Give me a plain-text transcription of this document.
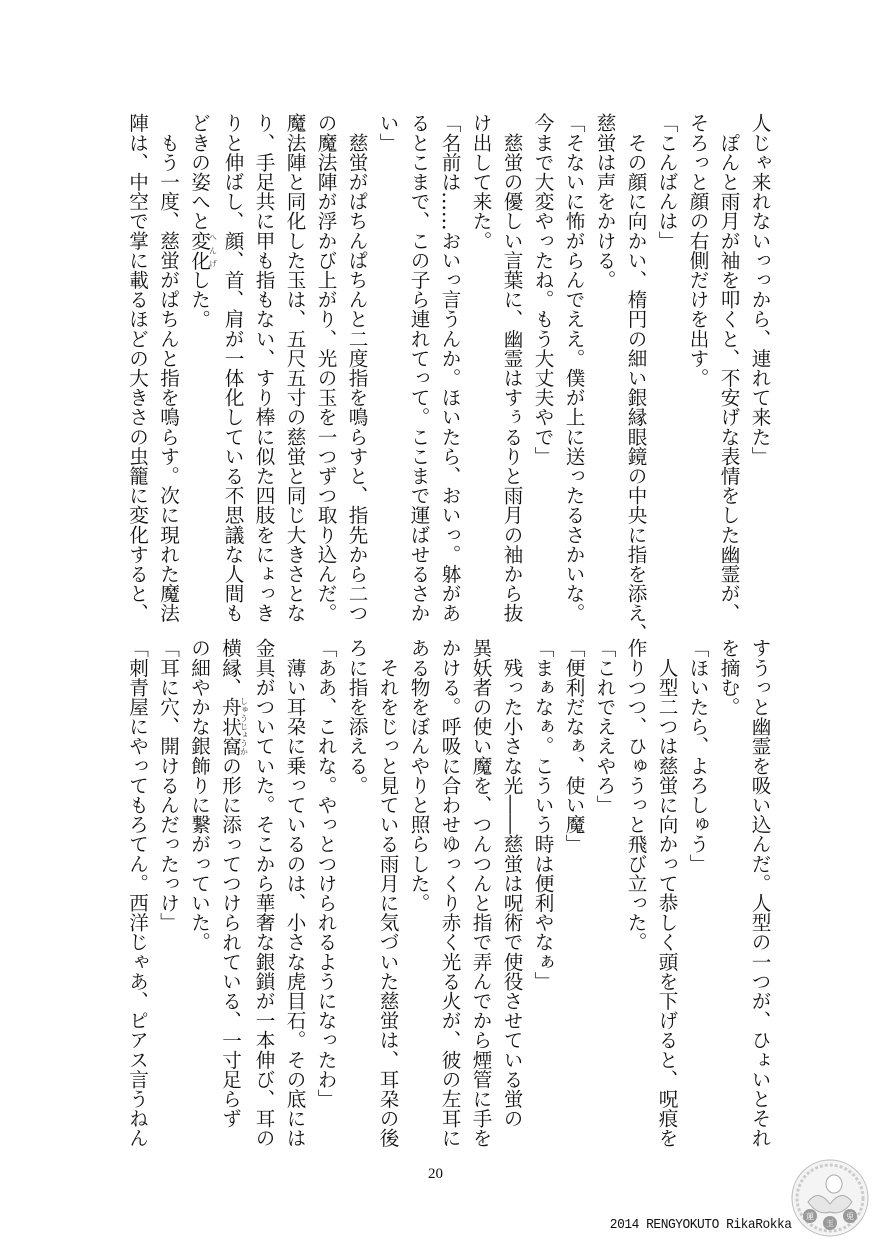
人じゃ来れないっっから、連れて来た」
　ぽんと雨月が袖を叩くと、不安げな表情をした幽霊が、
そろっと顔の右側だけを出す。
「こんばんは」
　その顔に向かい、楕円の細い銀縁眼鏡の中央に指を添え、
慈蛍は声をかける。
「そないに怖がらんでええ。僕が上に送ったるさかいな。
今まで大変やったね。もう大丈夫やで」
　慈蛍の優しい言葉に、幽霊はすぅるりと雨月の袖から抜
け出して来た。
「名前は……おいっ言うんか。ほいたら、おいっ。躰があ
るとこまで、この子ら連れてって。ここまで運ばせるさか
い」
　慈蛍がぱちんぱちんと二度指を鳴らすと、指先から二つ
の魔法陣が浮かび上がり、光の玉を一つずつ取り込んだ。
魔法陣と同化した玉は、五尺五寸の慈蛍と同じ大きさとな
り、手足共に甲も指もない、すり棒に似た四肢をにょっき
りと伸ばし、顔、首、肩が一体化している不思議な人間も
どきの姿へと変化へんげした。
　もう一度、慈蛍がぱちんと指を鳴らす。次に現れた魔法
陣は、中空で掌に載るほどの大きさの虫籠に変化すると、
すうっと幽霊を吸い込んだ。人型の一つが、ひょいとそれ
を摘む。
「ほいたら、よろしゅう」
　人型二つは慈蛍に向かって恭しく頭を下げると、呪痕を
作りつつ、ひゅうっと飛び立った。
「これでええやろ」
「便利だなぁ、使い魔」
「まぁなぁ。こういう時は便利やなぁ」
　残った小さな光――慈蛍は呪術で使役させている蛍の
異妖者の使い魔を、つんつんと指で弄んでから煙管に手を
かける。呼吸に合わせゆっくり赤く光る火が、彼の左耳に
ある物をぼんやりと照らした。
　それをじっと見ている雨月に気づいた慈蛍は、耳朶の後
ろに指を添える。
「ああ、これな。やっとつけられるようになったわ」
　薄い耳朶に乗っているのは、小さな虎目石。その底には
金具がついていた。そこから華奢な銀鎖が一本伸び、耳の
横縁、舟状窩しゅうじょうかの形に添ってつけられている、一寸足らず
の細やかな銀飾りに繋がっていた。
「耳に穴、開けるんだったっけ」
「刺青屋にやってもろてん。西洋じゃあ、ピアス言うねん
20
2014 RENGYOKUTO RikaRokka
蓮
玉
兎
